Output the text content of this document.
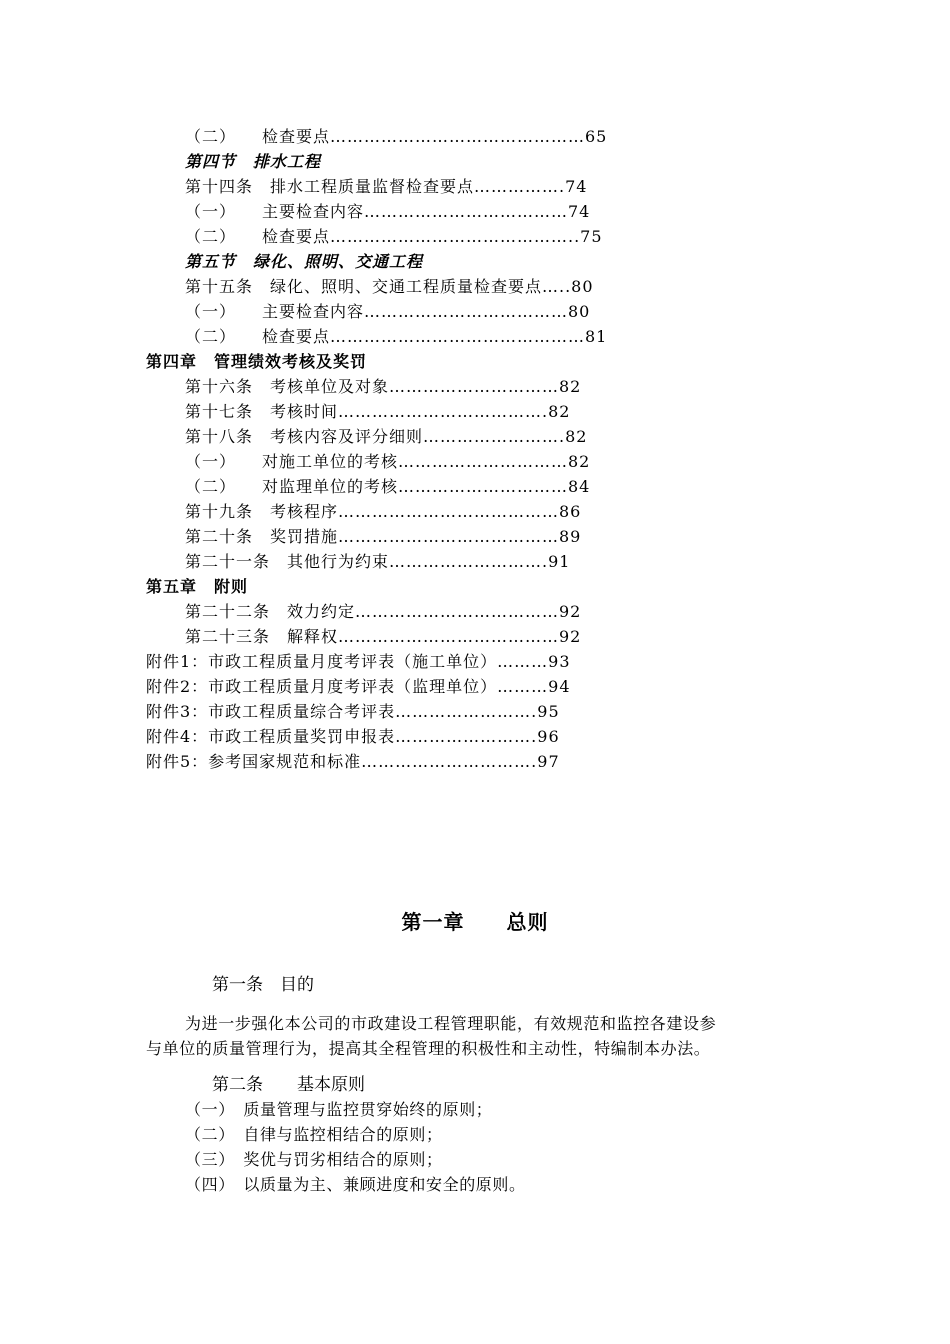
（二）　　检查要点………………………………………65
第四节　排水工程
第十四条　排水工程质量监督检查要点…………….74
（一）　　主要检查内容………………………………74
（二）　　检查要点……………………………………..75
第五节　绿化、照明、交通工程
第十五条　绿化、照明、交通工程质量检查要点…..80
（一）　　主要检查内容………………………………80
（二）　　检查要点………………………………………81
第四章　管理绩效考核及奖罚
第十六条　考核单位及对象…………………………82
第十七条　考核时间……………………………….82
第十八条　考核内容及评分细则…………………….82
（一）　　对施工单位的考核…………………………82
（二）　　对监理单位的考核…………………………84
第十九条　考核程序…………………………………86
第二十条　奖罚措施…………………………………89
第二十一条　其他行为约束……………………….91
第五章　附则
第二十二条　效力约定………………………………92
第二十三条　解释权…………………………………92
附件1：市政工程质量月度考评表（施工单位）………93
附件2：市政工程质量月度考评表（监理单位）………94
附件3：市政工程质量综合考评表…………………….95
附件4：市政工程质量奖罚申报表…………………….96
附件5：参考国家规范和标准………………………….97
第一章　　总则
第一条　目的
为进一步强化本公司的市政建设工程管理职能，有效规范和监控各建设参
与单位的质量管理行为，提高其全程管理的积极性和主动性，特编制本办法。
第二条　　基本原则
（一）　质量管理与监控贯穿始终的原则；
（二）　自律与监控相结合的原则；
（三）　奖优与罚劣相结合的原则；
（四）　以质量为主、兼顾进度和安全的原则。
